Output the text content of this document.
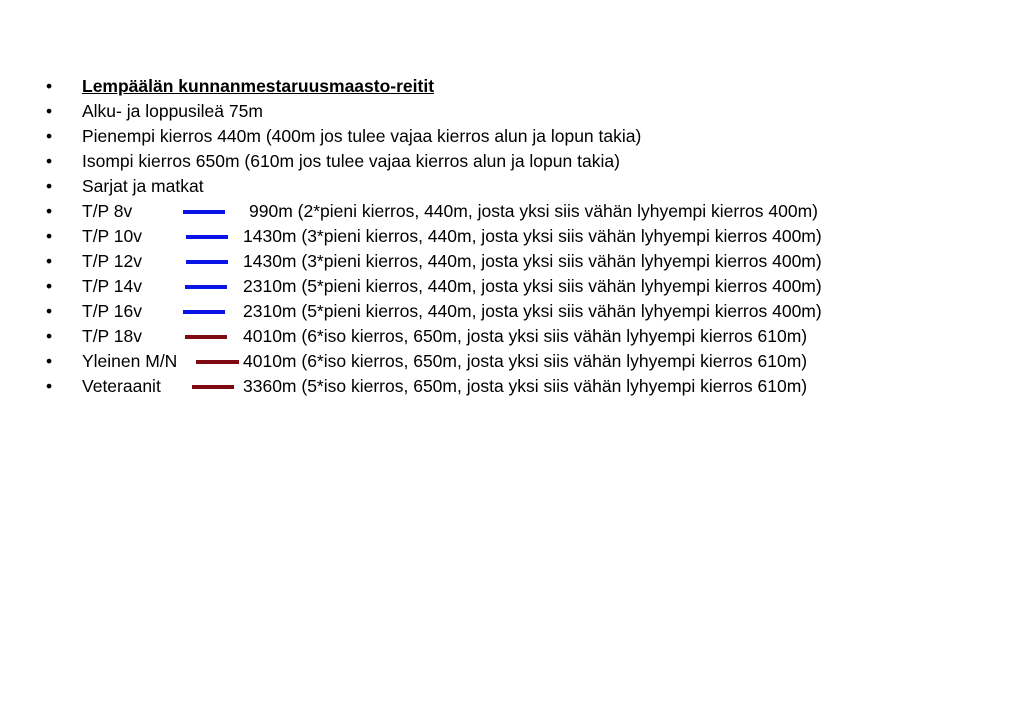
• Lempäälän kunnanmestaruusmaasto-reitit
• Alku- ja loppusileä 75m
• Pienempi kierros 440m (400m jos tulee vajaa kierros alun ja lopun takia)
• Isompi kierros 650m (610m jos tulee vajaa kierros alun ja lopun takia)
• Sarjat ja matkat
• T/P 8v	990m (2*pieni kierros, 440m, josta yksi siis vähän lyhyempi kierros 400m)
• T/P 10v	1430m (3*pieni kierros, 440m, josta yksi siis vähän lyhyempi kierros 400m)
• T/P 12v	1430m (3*pieni kierros, 440m, josta yksi siis vähän lyhyempi kierros 400m)
• T/P 14v	2310m (5*pieni kierros, 440m, josta yksi siis vähän lyhyempi kierros 400m)
• T/P 16v	2310m (5*pieni kierros, 440m, josta yksi siis vähän lyhyempi kierros 400m)
• T/P 18v	4010m (6*iso kierros, 650m, josta yksi siis vähän lyhyempi kierros 610m)
• Yleinen M/N	4010m (6*iso kierros, 650m, josta yksi siis vähän lyhyempi kierros 610m)
• Veteraanit	3360m (5*iso kierros, 650m, josta yksi siis vähän lyhyempi kierros 610m)
